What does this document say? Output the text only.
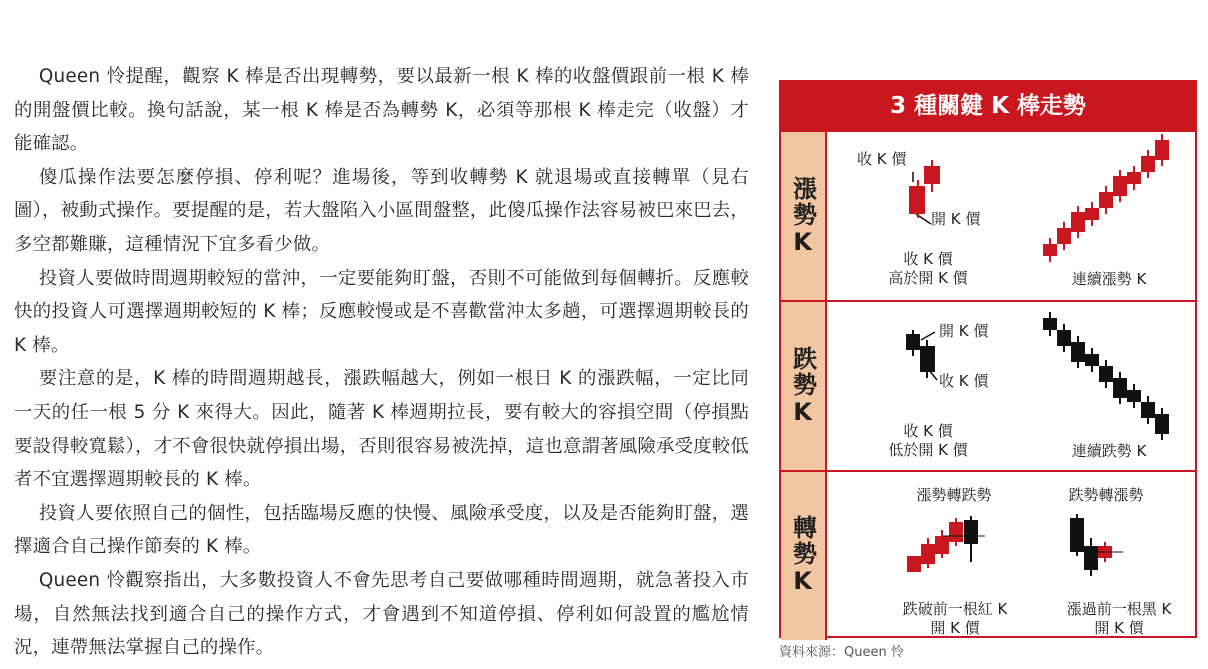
Queen 怜提醒，觀察 K 棒是否出現轉勢，要以最新一根 K 棒的收盤價跟前一根 K 棒的開盤價比較。換句話說，某一根 K 棒是否為轉勢 K，必須等那根 K 棒走完（收盤）才能確認。

傻瓜操作法要怎麼停損、停利呢？進場後，等到收轉勢 K 就退場或直接轉單（見右圖），被動式操作。要提醒的是，若大盤陷入小區間盤整，此傻瓜操作法容易被巴來巴去，多空都難賺，這種情況下宜多看少做。

投資人要做時間週期較短的當沖，一定要能夠盯盤，否則不可能做到每個轉折。反應較快的投資人可選擇週期較短的 K 棒；反應較慢或是不喜歡當沖太多趟，可選擇週期較長的 K 棒。

要注意的是，K 棒的時間週期越長，漲跌幅越大，例如一根日 K 的漲跌幅，一定比同一天的任一根 5 分 K 來得大。因此，隨著 K 棒週期拉長，要有較大的容損空間（停損點要設得較寬鬆），才不會很快就停損出場，否則很容易被洗掉，這也意謂著風險承受度較低者不宜選擇週期較長的 K 棒。

投資人要依照自己的個性，包括臨場反應的快慢、風險承受度，以及是否能夠盯盤，選擇適合自己操作節奏的 K 棒。

Queen 怜觀察指出，大多數投資人不會先思考自己要做哪種時間週期，就急著投入市場，自然無法找到適合自己的操作方式，才會遇到不知道停損、停利如何設置的尷尬情況，連帶無法掌握自己的操作。

3 種關鍵 K 棒走勢
漲勢K
收 K 價
開 K 價
收 K 價
高於開 K 價	連續漲勢 K
跌勢K
開 K 價
收 K 價
收 K 價
低於開 K 價	連續跌勢 K
轉勢K
漲勢轉跌勢	跌勢轉漲勢
跌破前一根紅 K
開 K 價
漲過前一根黑 K
開 K 價
資料來源：Queen 怜
